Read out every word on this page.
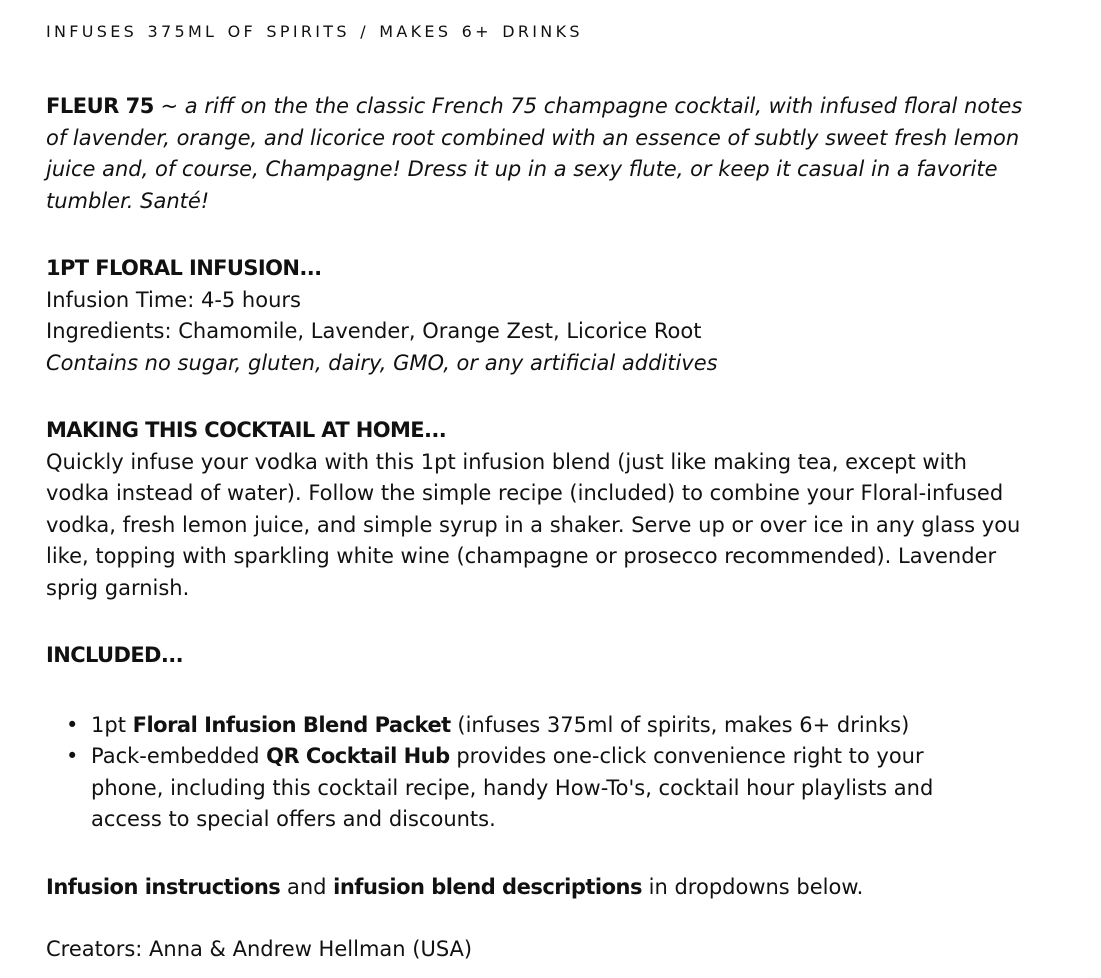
INFUSES 375ML OF SPIRITS / MAKES 6+ DRINKS

FLEUR 75 ~ a riff on the the classic French 75 champagne cocktail, with infused floral notes of lavender, orange, and licorice root combined with an essence of subtly sweet fresh lemon juice and, of course, Champagne! Dress it up in a sexy flute, or keep it casual in a favorite tumbler. Santé!

1PT FLORAL INFUSION...

Infusion Time: 4-5 hours

Ingredients: Chamomile, Lavender, Orange Zest, Licorice Root

Contains no sugar, gluten, dairy, GMO, or any artificial additives

MAKING THIS COCKTAIL AT HOME...

Quickly infuse your vodka with this 1pt infusion blend (just like making tea, except with vodka instead of water). Follow the simple recipe (included) to combine your Floral-infused vodka, fresh lemon juice, and simple syrup in a shaker. Serve up or over ice in any glass you like, topping with sparkling white wine (champagne or prosecco recommended). Lavender sprig garnish.

INCLUDED...
• 1pt Floral Infusion Blend Packet (infuses 375ml of spirits, makes 6+ drinks)
• Pack-embedded QR Cocktail Hub provides one-click convenience right to your phone, including this cocktail recipe, handy How-To's, cocktail hour playlists and access to special offers and discounts.

Infusion instructions and infusion blend descriptions in dropdowns below.

Creators: Anna & Andrew Hellman (USA)
